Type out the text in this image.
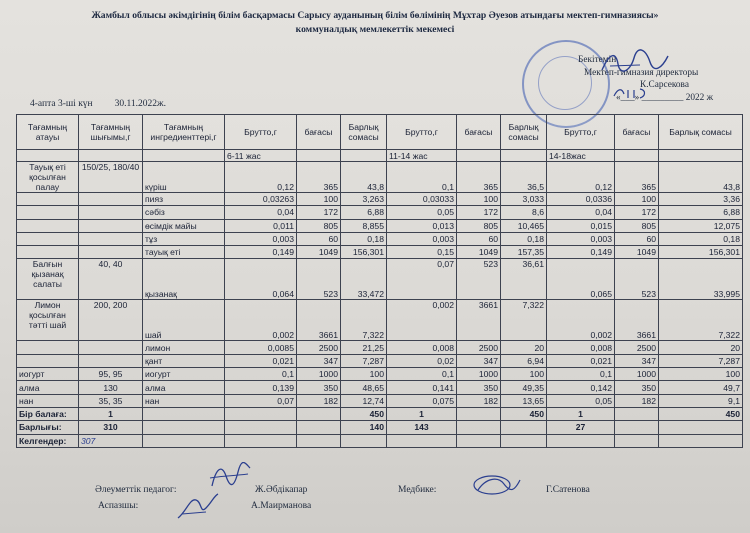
Жамбыл облысы әкімдігінің білім басқармасы Сарысу ауданының білім бөлімінің Мұхтар Әуезов атындағы мектеп-гимназиясы»
коммуналдық мемлекеттік мекемесі
Бекітемін
Мектеп-гимназия директоры
К.Сарсекова
«___» _________ 2022 ж
4-апта 3-ші күн 30.11.2022ж.
Тағамның атауы	Тағамның шығымы,г	Тағамның ингредиенттері,г	Брутто,г	бағасы	Барлық сомасы	Брутто,г	бағасы	Барлық сомасы	Брутто,г	бағасы	Барлық сомасы
			6-11 жас			11-14 жас			14-18жас		
Тауық еті қосылған палау	150/25, 180/40	күріш	0,12	365	43,8	0,1	365	36,5	0,12	365	43,8
		пияз	0,03263	100	3,263	0,03033	100	3,033	0,0336	100	3,36
		сәбіз	0,04	172	6,88	0,05	172	8,6	0,04	172	6,88
		өсімдік майы	0,011	805	8,855	0,013	805	10,465	0,015	805	12,075
		тұз	0,003	60	0,18	0,003	60	0,18	0,003	60	0,18
		тауық еті	0,149	1049	156,301	0,15	1049	157,35	0,149	1049	156,301
Балғын қызанақ салаты	40, 40	қызанақ	0,064	523	33,472	0,07	523	36,61	0,065	523	33,995
Лимон қосылған тәтті шай	200, 200	шай	0,002	3661	7,322	0,002	3661	7,322	0,002	3661	7,322
		лимон	0,0085	2500	21,25	0,008	2500	20	0,008	2500	20
		қант	0,021	347	7,287	0,02	347	6,94	0,021	347	7,287
иогурт	95, 95	иогурт	0,1	1000	100	0,1	1000	100	0,1	1000	100
алма	130	алма	0,139	350	48,65	0,141	350	49,35	0,142	350	49,7
нан	35, 35	нан	0,07	182	12,74	0,075	182	13,65	0,05	182	9,1
Бір балаға:	1				450	1		450	1		450
Барлығы:	310				140	143			27		
Келгендер:	307										
Әлеуметтік педагог:	Ж.Әбдікапар	Медбике:	Г.Сатенова
Аспазшы:	А.Маирманова
